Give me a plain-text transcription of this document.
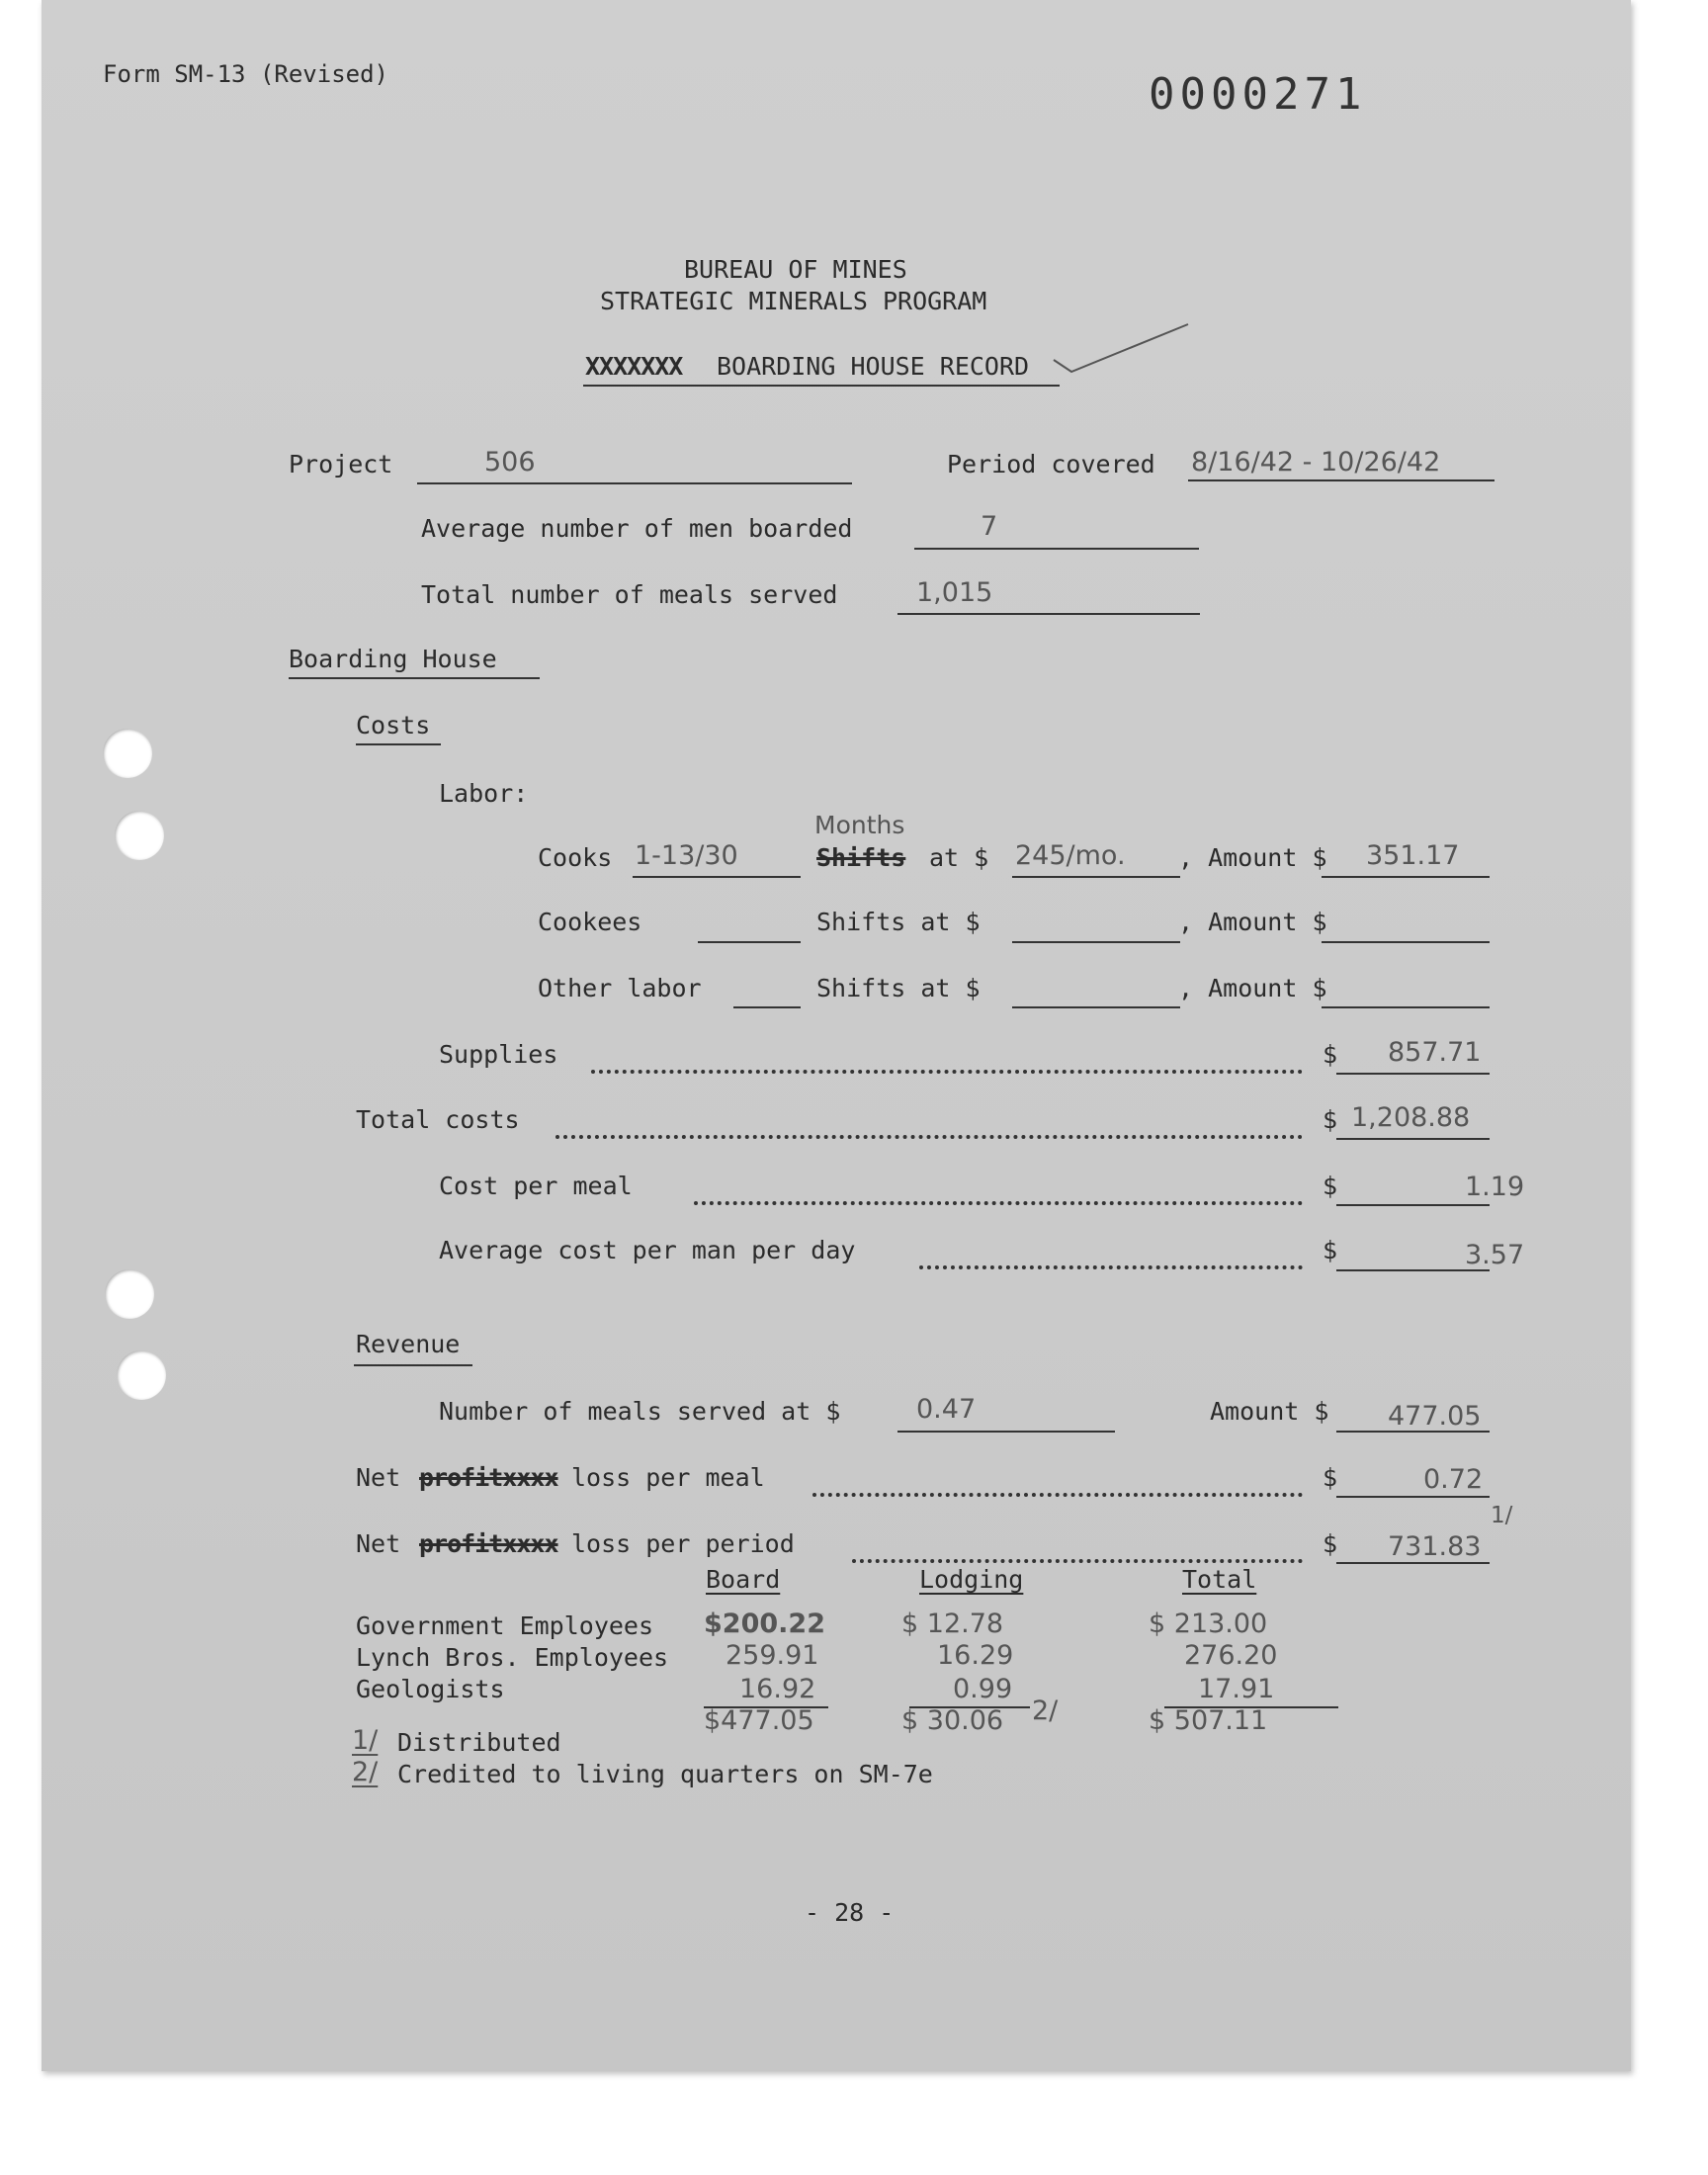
Form SM-13 (Revised)	0000271
BUREAU OF MINES
STRATEGIC MINERALS PROGRAM
XXXXXXX BOARDING HOUSE RECORD
Project	506	Period covered 8/16/42 - 10/26/42
Average number of men boarded	7
Total number of meals served	1,015
Boarding House
Costs
Labor:
Months
Cooks 1-13/30	Shifts at $ 245/mo. , Amount $ 351.17
Cookees	Shifts at $	, Amount $
Other labor	Shifts at $	, Amount $
Supplies	$ 857.71
Total costs	$ 1,208.88
Cost per meal	$	1.19
Average cost per man per day	$	3.57
Revenue
Number of meals served at $	0.47	Amount $ 477.05
Net profitxxxx loss per meal	$	0.72
Net profitxxxx loss per period	$ 731.83
1/
Board	Lodging	Total
Government Employees $200.22	$ 12.78	$ 213.00
Lynch Bros. Employees 259.91	16.29	276.20
Geologists	16.92	0.99	17.91
$477.05	$ 30.06 2/	$ 507.11
1/ Distributed
2/ Credited to living quarters on SM-7e
- 28 -
